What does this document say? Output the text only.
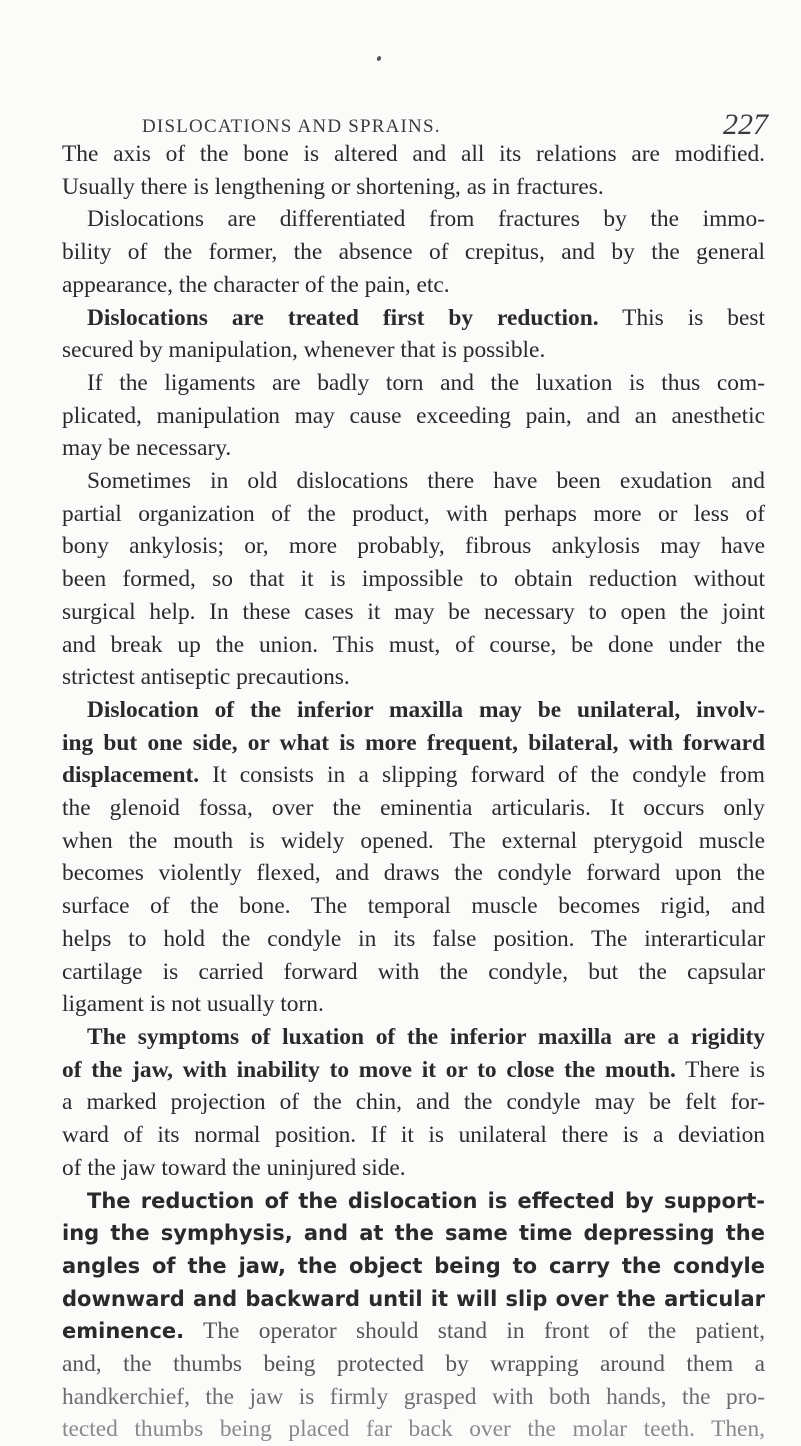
DISLOCATIONS AND SPRAINS.	227
The axis of the bone is altered and all its relations are modified.
Usually there is lengthening or shortening, as in fractures.
Dislocations are differentiated from fractures by the immo-
bility of the former, the absence of crepitus, and by the general
appearance, the character of the pain, etc.
Dislocations are treated first by reduction. This is best
secured by manipulation, whenever that is possible.
If the ligaments are badly torn and the luxation is thus com-
plicated, manipulation may cause exceeding pain, and an anesthetic
may be necessary.
Sometimes in old dislocations there have been exudation and
partial organization of the product, with perhaps more or less of
bony ankylosis; or, more probably, fibrous ankylosis may have
been formed, so that it is impossible to obtain reduction without
surgical help. In these cases it may be necessary to open the joint
and break up the union. This must, of course, be done under the
strictest antiseptic precautions.
Dislocation of the inferior maxilla may be unilateral, involv-
ing but one side, or what is more frequent, bilateral, with forward
displacement. It consists in a slipping forward of the condyle from
the glenoid fossa, over the eminentia articularis. It occurs only
when the mouth is widely opened. The external pterygoid muscle
becomes violently flexed, and draws the condyle forward upon the
surface of the bone. The temporal muscle becomes rigid, and
helps to hold the condyle in its false position. The interarticular
cartilage is carried forward with the condyle, but the capsular
ligament is not usually torn.
The symptoms of luxation of the inferior maxilla are a rigidity
of the jaw, with inability to move it or to close the mouth. There is
a marked projection of the chin, and the condyle may be felt for-
ward of its normal position. If it is unilateral there is a deviation
of the jaw toward the uninjured side.
The reduction of the dislocation is effected by support-
ing the symphysis, and at the same time depressing the
angles of the jaw, the object being to carry the condyle
downward and backward until it will slip over the articular
eminence. The operator should stand in front of the patient,
and, the thumbs being protected by wrapping around them a
handkerchief, the jaw is firmly grasped with both hands, the pro-
tected thumbs being placed far back over the molar teeth. Then,
